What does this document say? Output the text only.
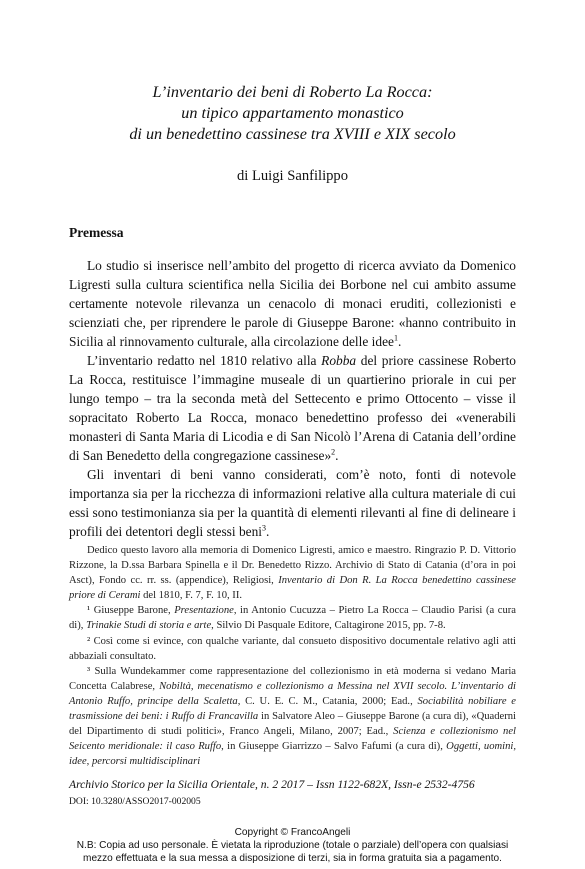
L’inventario dei beni di Roberto La Rocca:
un tipico appartamento monastico
di un benedettino cassinese tra XVIII e XIX secolo
di Luigi Sanfilippo
Premessa

Lo studio si inserisce nell’ambito del progetto di ricerca avviato da Domenico Ligresti sulla cultura scientifica nella Sicilia dei Borbone nel cui ambito assume certamente notevole rilevanza un cenacolo di monaci eruditi, collezionisti e scienziati che, per riprendere le parole di Giuseppe Barone: «hanno contribuito in Sicilia al rinnovamento culturale, alla circolazione delle idee$^1$.

L’inventario redatto nel 1810 relativo alla Robba del priore cassinese Roberto La Rocca, restituisce l’immagine museale di un quartierino priorale in cui per lungo tempo – tra la seconda metà del Settecento e primo Ottocento – visse il sopracitato Roberto La Rocca, monaco benedettino professo dei «venerabili monasteri di Santa Maria di Licodia e di San Nicolò l’Arena di Catania dell’ordine di San Benedetto della congregazione cassinese»$^2$.

Gli inventari di beni vanno considerati, com’è noto, fonti di notevole importanza sia per la ricchezza di informazioni relative alla cultura materiale di cui essi sono testimonianza sia per la quantità di elementi rilevanti al fine di delineare i profili dei detentori degli stessi beni$^3$.

Dedico questo lavoro alla memoria di Domenico Ligresti, amico e maestro. Ringrazio P. D. Vittorio Rizzone, la D.ssa Barbara Spinella e il Dr. Benedetto Rizzo. Archivio di Stato di Catania (d’ora in poi Asct), Fondo cc. rr. ss. (appendice), Religiosi, Inventario di Don R. La Rocca benedettino cassinese priore di Cerami del 1810, F. 7, F. 10, II.

¹ Giuseppe Barone, Presentazione, in Antonio Cucuzza – Pietro La Rocca – Claudio Parisi (a cura di), Trinakie Studi di storia e arte, Silvio Di Pasquale Editore, Caltagirone 2015, pp. 7-8.

² Così come si evince, con qualche variante, dal consueto dispositivo documentale relativo agli atti abbaziali consultato.

³ Sulla Wundekammer come rappresentazione del collezionismo in età moderna si vedano Maria Concetta Calabrese, Nobiltà, mecenatismo e collezionismo a Messina nel XVII secolo. L’inventario di Antonio Ruffo, principe della Scaletta, C. U. E. C. M., Catania, 2000; Ead., Sociabilità nobiliare e trasmissione dei beni: i Ruffo di Francavilla in Salvatore Aleo – Giuseppe Barone (a cura di), «Quaderni del Dipartimento di studi politici», Franco Angeli, Milano, 2007; Ead., Scienza e collezionismo nel Seicento meridionale: il caso Ruffo, in Giuseppe Giarrizzo – Salvo Fafumi (a cura di), Oggetti, uomini, idee, percorsi multidisciplinari

Archivio Storico per la Sicilia Orientale, n. 2 2017 – Issn 1122-682X, Issn-e 2532-4756
DOI: 10.3280/ASSO2017-002005
Copyright © FrancoAngeli
N.B: Copia ad uso personale. È vietata la riproduzione (totale o parziale) dell’opera con qualsiasi
mezzo effettuata e la sua messa a disposizione di terzi, sia in forma gratuita sia a pagamento.
